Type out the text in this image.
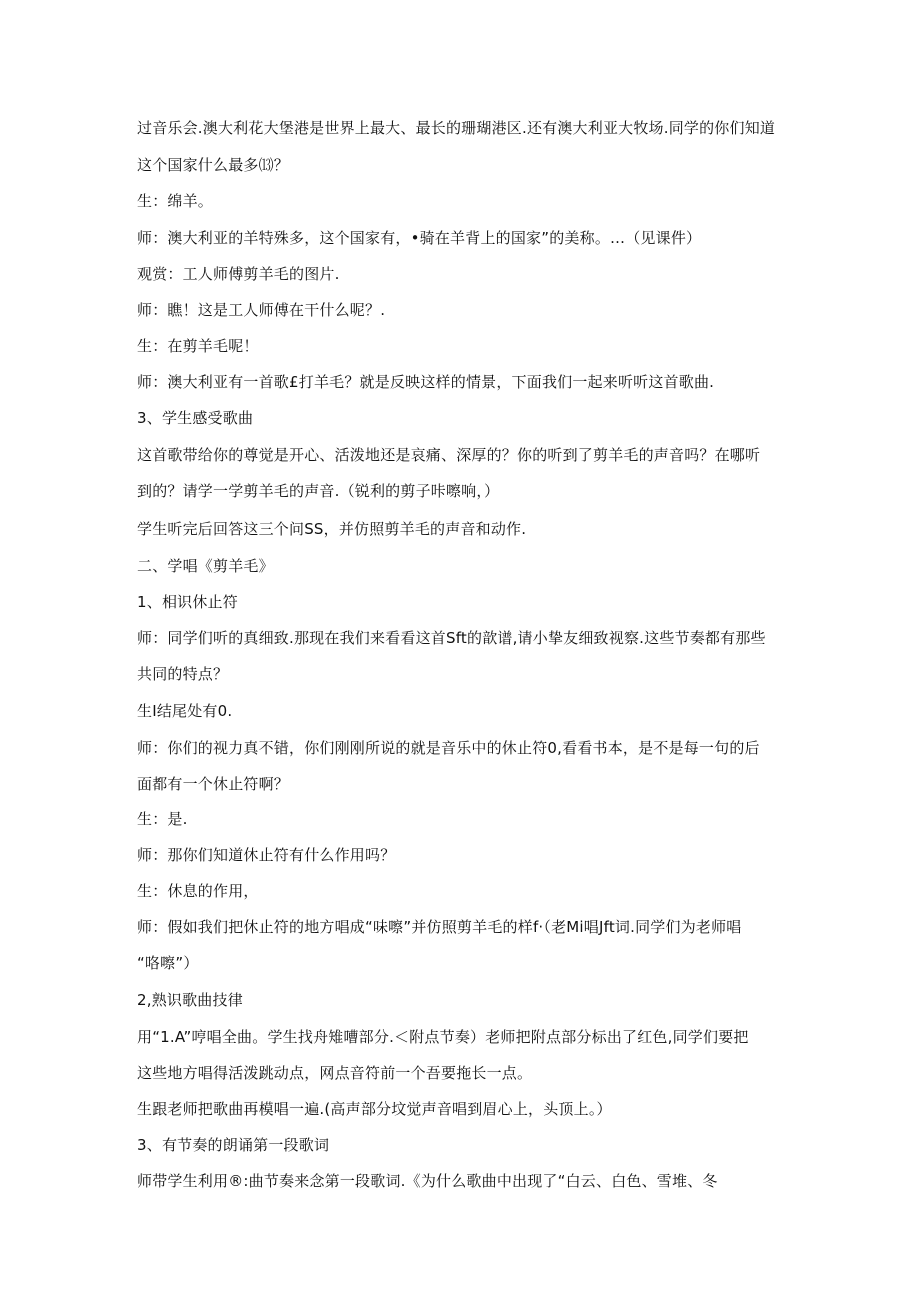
过音乐会.澳大利花大堡港是世界上最大、最长的珊瑚港区.还有澳大利亚大牧场.同学的你们知道
这个国家什么最多⒀？
生：绵羊。
师：澳大利亚的羊特殊多，这个国家有，•骑在羊背上的国家”的美称。…（见课件）
观赏：工人师傅剪羊毛的图片.
师：瞧！这是工人师傅在干什么呢？.
生：在剪羊毛呢！
师：澳大利亚有一首歌£打羊毛？就是反映这样的情景，下面我们一起来听听这首歌曲.
3、学生感受歌曲
这首歌带给你的尊觉是开心、活泼地还是哀痛、深厚的？你的听到了剪羊毛的声音吗？在哪听
到的？请学一学剪羊毛的声音.（锐利的剪子咔嚓响，）
学生听完后回答这三个问SS，并仿照剪羊毛的声音和动作.
二、学唱《剪羊毛》
1、相识休止符
师：同学们听的真细致.那现在我们来看看这首Sft的歆谱,请小挚友细致视察.这些节奏都有那些
共同的特点？
生I结尾处有0.
师：你们的视力真不错，你们刚刚所说的就是音乐中的休止符0,看看书本，是不是每一句的后
面都有一个休止符啊？
生：是.
师：那你们知道休止符有什么作用吗？
生：休息的作用，
师：假如我们把休止符的地方唱成“味嚓”并仿照剪羊毛的样f·（老Mi唱Jft词.同学们为老师唱
“咯嚓”）
2,熟识歌曲技律
用“1.A”哼唱全曲。学生找舟雉嘈部分.＜附点节奏）老师把附点部分标出了红色,同学们要把
这些地方唱得活泼跳动点，网点音符前一个吾要拖长一点。
生跟老师把歌曲再模唱一遍.(高声部分坟觉声音唱到眉心上，头顶上。）
3、有节奏的朗诵第一段歌词
师带学生利用®:曲节奏来念第一段歌词.《为什么歌曲中出现了“白云、白色、雪堆、冬
